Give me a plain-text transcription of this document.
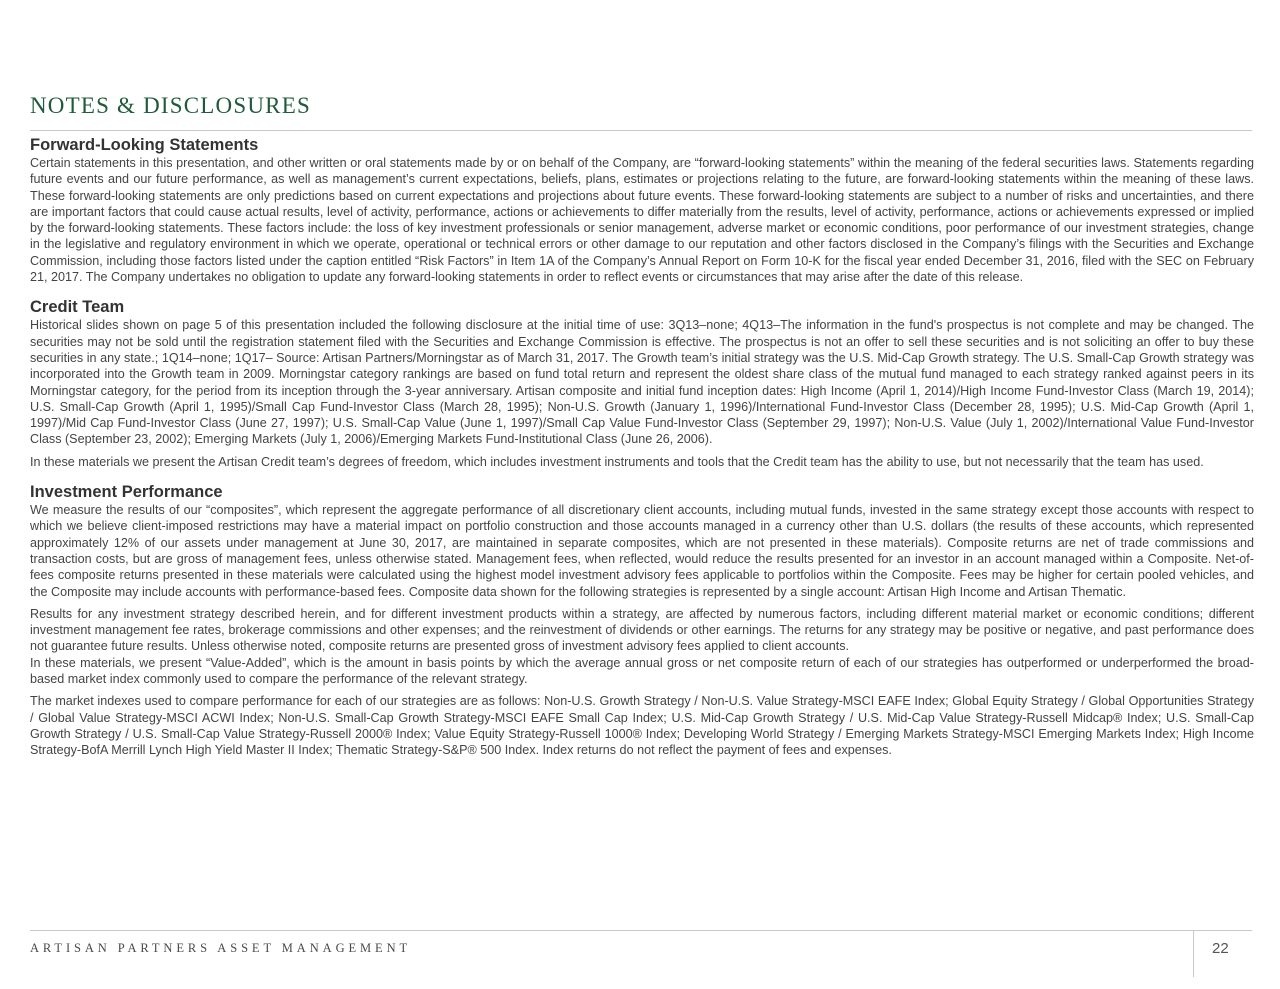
NOTES & DISCLOSURES
Forward-Looking Statements

Certain statements in this presentation, and other written or oral statements made by or on behalf of the Company, are “forward-looking statements” within the meaning of the federal securities laws. Statements regarding future events and our future performance, as well as management’s current expectations, beliefs, plans, estimates or projections relating to the future, are forward-looking statements within the meaning of these laws. These forward-looking statements are only predictions based on current expectations and projections about future events. These forward-looking statements are subject to a number of risks and uncertainties, and there are important factors that could cause actual results, level of activity, performance, actions or achievements to differ materially from the results, level of activity, performance, actions or achievements expressed or implied by the forward-looking statements. These factors include: the loss of key investment professionals or senior management, adverse market or economic conditions, poor performance of our investment strategies, change in the legislative and regulatory environment in which we operate, operational or technical errors or other damage to our reputation and other factors disclosed in the Company’s filings with the Securities and Exchange Commission, including those factors listed under the caption entitled “Risk Factors” in Item 1A of the Company’s Annual Report on Form 10-K for the fiscal year ended December 31, 2016, filed with the SEC on February 21, 2017. The Company undertakes no obligation to update any forward-looking statements in order to reflect events or circumstances that may arise after the date of this release.

Credit Team

Historical slides shown on page 5 of this presentation included the following disclosure at the initial time of use: 3Q13–none; 4Q13–The information in the fund's prospectus is not complete and may be changed. The securities may not be sold until the registration statement filed with the Securities and Exchange Commission is effective. The prospectus is not an offer to sell these securities and is not soliciting an offer to buy these securities in any state.; 1Q14–none; 1Q17– Source: Artisan Partners/Morningstar as of March 31, 2017. The Growth team’s initial strategy was the U.S. Mid-Cap Growth strategy. The U.S. Small-Cap Growth strategy was incorporated into the Growth team in 2009. Morningstar category rankings are based on fund total return and represent the oldest share class of the mutual fund managed to each strategy ranked against peers in its Morningstar category, for the period from its inception through the 3-year anniversary. Artisan composite and initial fund inception dates: High Income (April 1, 2014)/High Income Fund-Investor Class (March 19, 2014); U.S. Small-Cap Growth (April 1, 1995)/Small Cap Fund-Investor Class (March 28, 1995); Non-U.S. Growth (January 1, 1996)/International Fund-Investor Class (December 28, 1995); U.S. Mid-Cap Growth (April 1, 1997)/Mid Cap Fund-Investor Class (June 27, 1997); U.S. Small-Cap Value (June 1, 1997)/Small Cap Value Fund-Investor Class (September 29, 1997); Non-U.S. Value (July 1, 2002)/International Value Fund-Investor Class (September 23, 2002); Emerging Markets (July 1, 2006)/Emerging Markets Fund-Institutional Class (June 26, 2006).

In these materials we present the Artisan Credit team’s degrees of freedom, which includes investment instruments and tools that the Credit team has the ability to use, but not necessarily that the team has used.

Investment Performance

We measure the results of our “composites”, which represent the aggregate performance of all discretionary client accounts, including mutual funds, invested in the same strategy except those accounts with respect to which we believe client-imposed restrictions may have a material impact on portfolio construction and those accounts managed in a currency other than U.S. dollars (the results of these accounts, which represented approximately 12% of our assets under management at June 30, 2017, are maintained in separate composites, which are not presented in these materials). Composite returns are net of trade commissions and transaction costs, but are gross of management fees, unless otherwise stated. Management fees, when reflected, would reduce the results presented for an investor in an account managed within a Composite. Net-of-fees composite returns presented in these materials were calculated using the highest model investment advisory fees applicable to portfolios within the Composite. Fees may be higher for certain pooled vehicles, and the Composite may include accounts with performance-based fees. Composite data shown for the following strategies is represented by a single account: Artisan High Income and Artisan Thematic.

Results for any investment strategy described herein, and for different investment products within a strategy, are affected by numerous factors, including different material market or economic conditions; different investment management fee rates, brokerage commissions and other expenses; and the reinvestment of dividends or other earnings. The returns for any strategy may be positive or negative, and past performance does not guarantee future results. Unless otherwise noted, composite returns are presented gross of investment advisory fees applied to client accounts.

In these materials, we present “Value-Added”, which is the amount in basis points by which the average annual gross or net composite return of each of our strategies has outperformed or underperformed the broad-based market index commonly used to compare the performance of the relevant strategy.

The market indexes used to compare performance for each of our strategies are as follows: Non-U.S. Growth Strategy / Non-U.S. Value Strategy-MSCI EAFE Index; Global Equity Strategy / Global Opportunities Strategy / Global Value Strategy-MSCI ACWI Index; Non-U.S. Small-Cap Growth Strategy-MSCI EAFE Small Cap Index; U.S. Mid-Cap Growth Strategy / U.S. Mid-Cap Value Strategy-Russell Midcap® Index; U.S. Small-Cap Growth Strategy / U.S. Small-Cap Value Strategy-Russell 2000® Index; Value Equity Strategy-Russell 1000® Index; Developing World Strategy / Emerging Markets Strategy-MSCI Emerging Markets Index; High Income Strategy-BofA Merrill Lynch High Yield Master II Index; Thematic Strategy-S&P® 500 Index. Index returns do not reflect the payment of fees and expenses.

ARTISAN PARTNERS ASSET MANAGEMENT	22
